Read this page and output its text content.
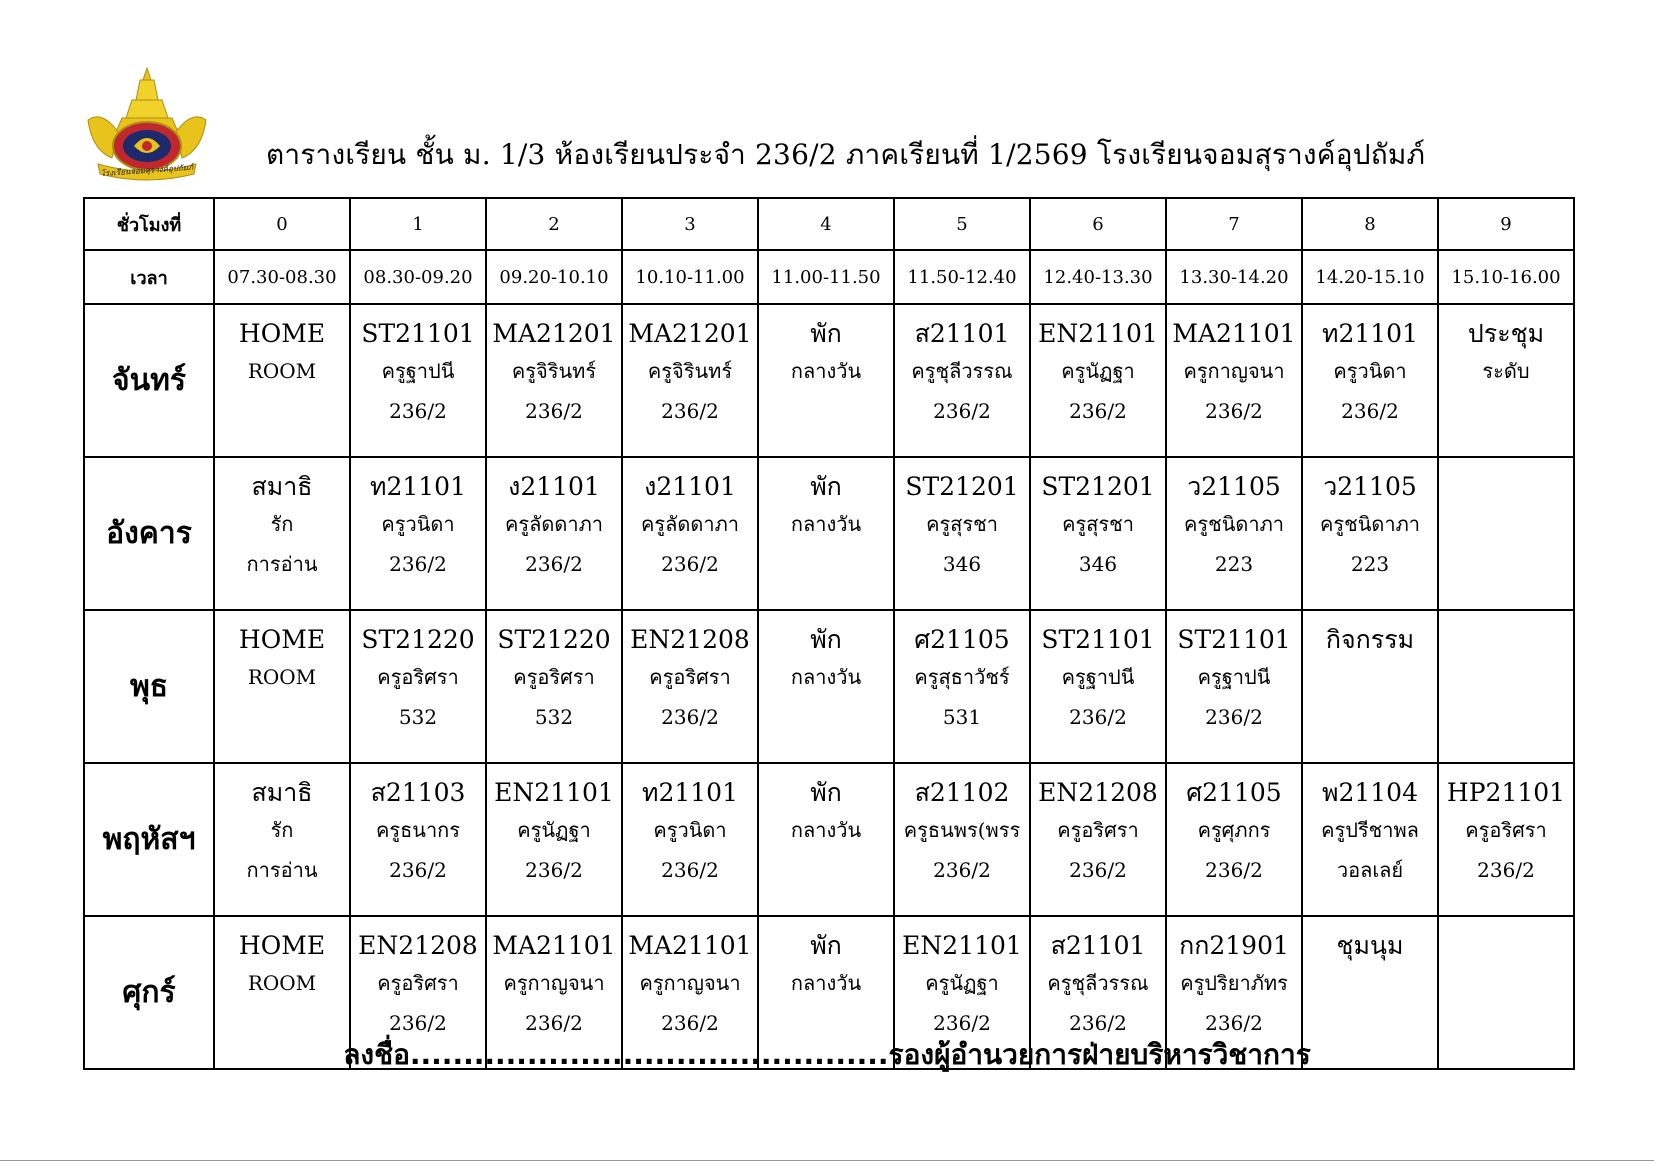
โรงเรียนจอมสุรางค์อุปถัมภ์	ตารางเรียน ชั้น ม. 1/3 ห้องเรียนประจำ 236/2 ภาคเรียนที่ 1/2569 โรงเรียนจอมสุรางค์อุปถัมภ์
ชั่วโมงที่	0	1	2	3	4	5	6	7	8	9
เวลา	07.30-08.30	08.30-09.20	09.20-10.10	10.10-11.00	11.00-11.50	11.50-12.40	12.40-13.30	13.30-14.20	14.20-15.10	15.10-16.00
จันทร์	HOME
ROOM	ST21101
ครูฐาปนี
236/2	MA21201
ครูจิรินทร์
236/2	MA21201
ครูจิรินทร์
236/2	พัก
กลางวัน	ส21101
ครูชุลีวรรณ
236/2	EN21101
ครูนัฏฐา
236/2	MA21101
ครูกาญจนา
236/2	ท21101
ครูวนิดา
236/2	ประชุม
ระดับ

อังคาร	สมาธิ
รัก
การอ่าน	ท21101
ครูวนิดา
236/2	ง21101
ครูลัดดาภา
236/2	ง21101
ครูลัดดาภา
236/2	พัก
กลางวัน	ST21201
ครูสุรชา
346	ST21201
ครูสุรชา
346	ว21105
ครูชนิดาภา
223	ว21105
ครูชนิดาภา
223	

พุธ	HOME
ROOM	ST21220
ครูอริศรา
532	ST21220
ครูอริศรา
532	EN21208
ครูอริศรา
236/2	พัก
กลางวัน	ศ21105
ครูสุธาวัชร์
531	ST21101
ครูฐาปนี
236/2	ST21101
ครูฐาปนี
236/2	กิจกรรม	

พฤหัสฯ	สมาธิ
รัก
การอ่าน	ส21103
ครูธนากร
236/2	EN21101
ครูนัฏฐา
236/2	ท21101
ครูวนิดา
236/2	พัก
กลางวัน	ส21102
ครูธนพร(พรร
236/2	EN21208
ครูอริศรา
236/2	ศ21105
ครูศุภกร
236/2	พ21104
ครูปรีชาพล
วอลเลย์	HP21101
ครูอริศรา
236/2

ศุกร์	HOME
ROOM	EN21208
ครูอริศรา
236/2	MA21101
ครูกาญจนา
236/2	MA21101
ครูกาญจนา
236/2	พัก
กลางวัน	EN21101
ครูนัฏฐา
236/2	ส21101
ครูชุลีวรรณ
236/2	กก21901
ครูปริยาภัทร
236/2	ชุมนุม	

ลงชื่อ.............................................รองผู้อำนวยการฝ่ายบริหารวิชาการ
